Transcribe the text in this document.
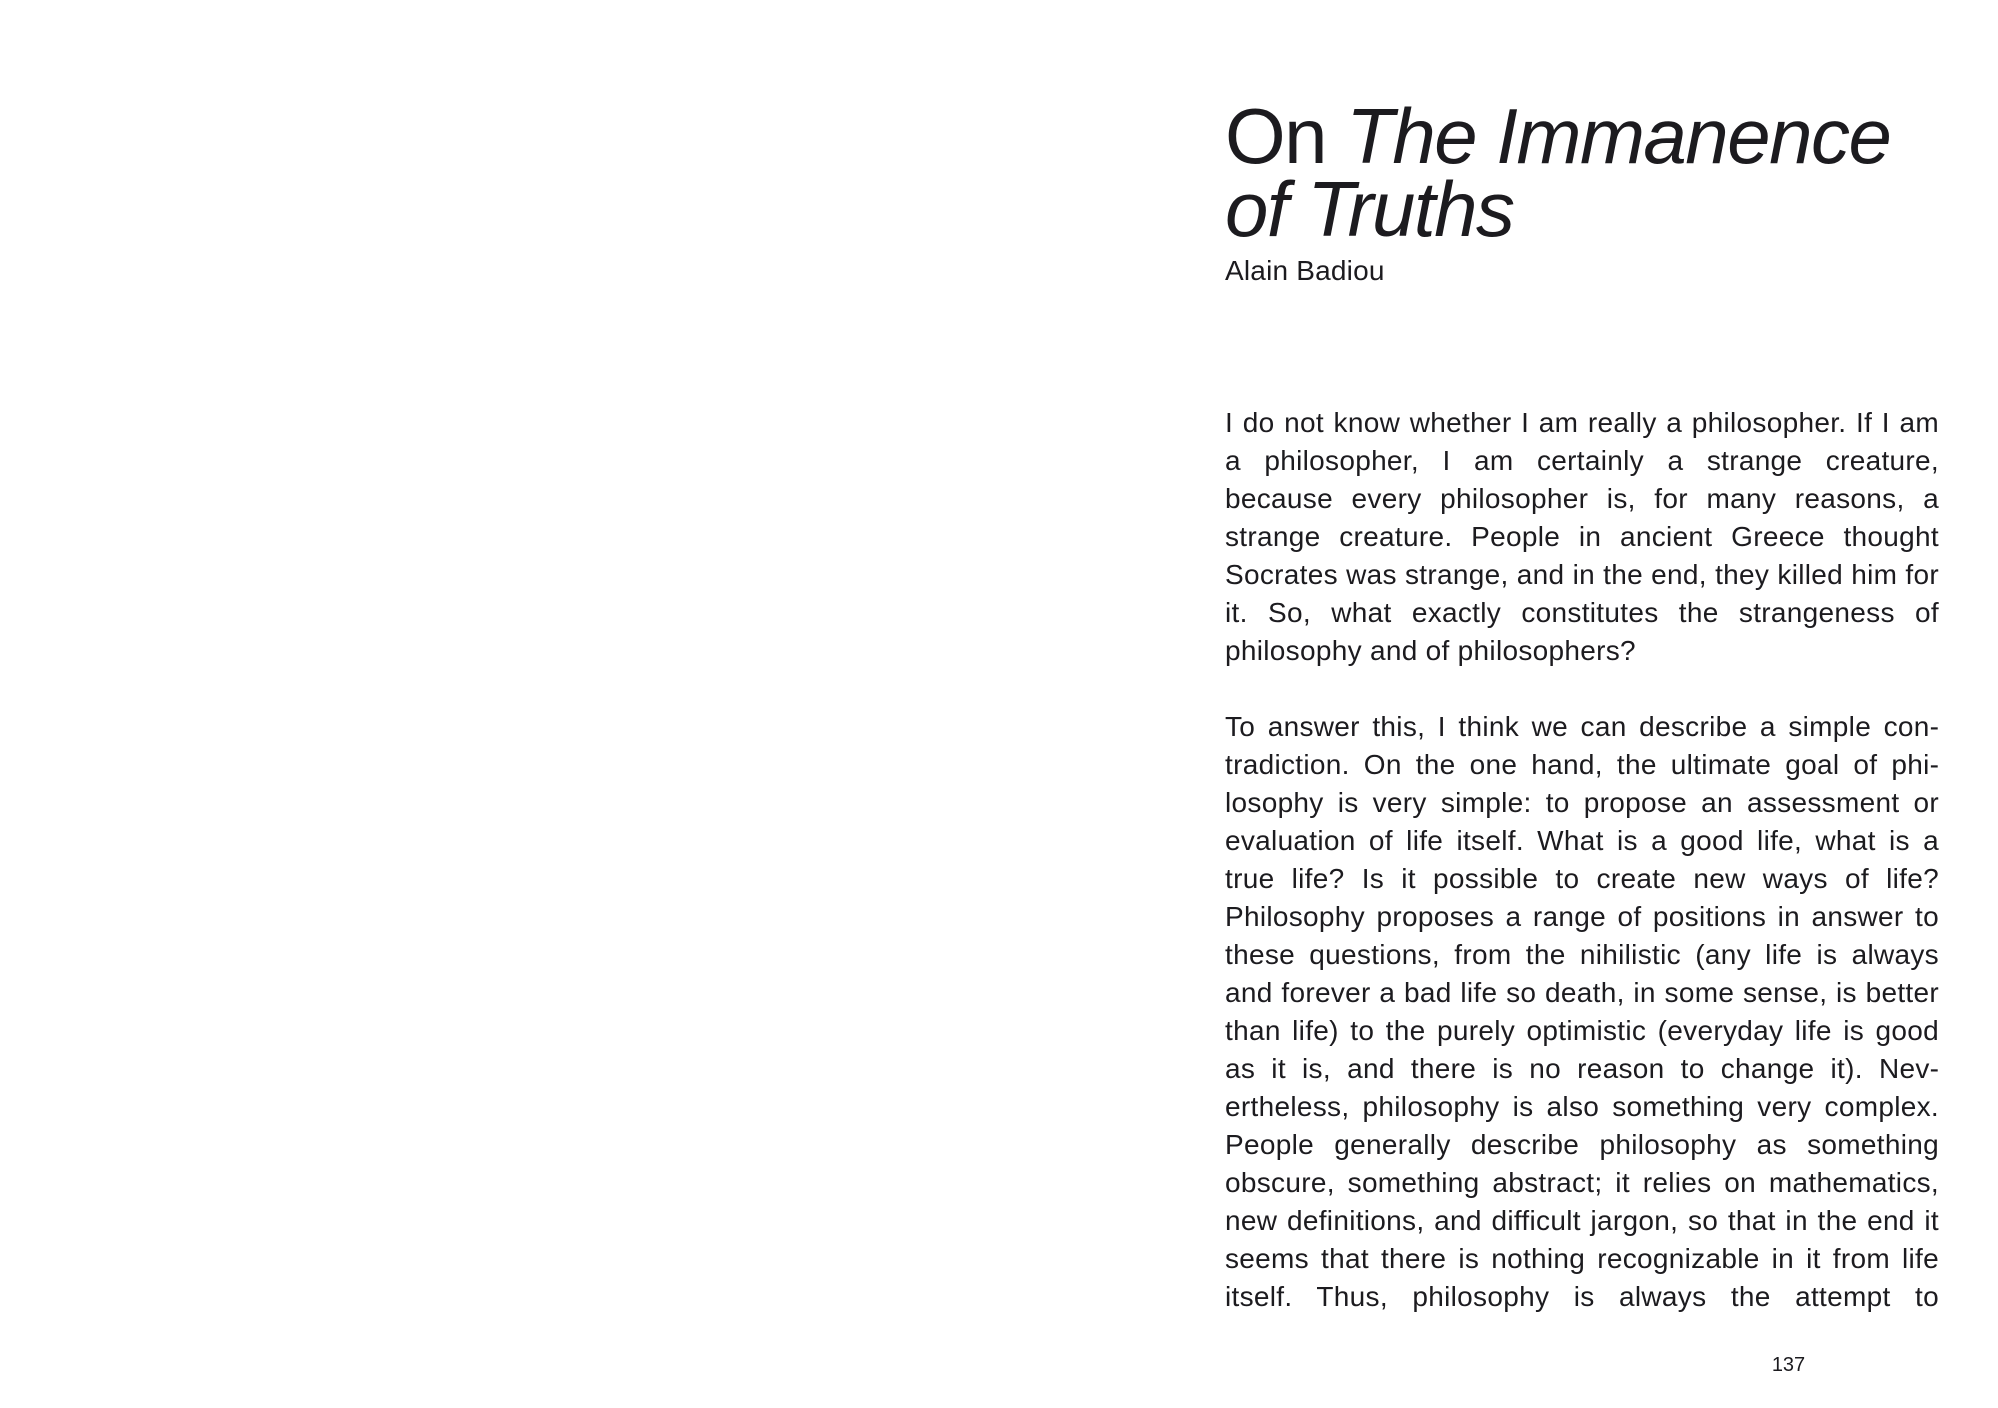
On The Immanence
of Truths

Alain Badiou

I do not know whether I am really a philosopher. If I am a philosopher, I am certainly a strange creature, because every philosopher is, for many reasons, a strange creature. People in ancient Greece thought Socrates was strange, and in the end, they killed him for it. So, what exactly constitutes the strangeness of philosophy and of philosophers?

To answer this, I think we can describe a simple contradiction. On the one hand, the ultimate goal of philosophy is very simple: to propose an assessment or evaluation of life itself. What is a good life, what is a true life? Is it possible to create new ways of life? Philosophy proposes a range of positions in answer to these questions, from the nihilistic (any life is always and forever a bad life so death, in some sense, is better than life) to the purely optimistic (everyday life is good as it is, and there is no reason to change it). Nevertheless, philosophy is also something very complex. People generally describe philosophy as something obscure, something abstract; it relies on mathematics, new definitions, and difficult jargon, so that in the end it seems that there is nothing recognizable in it from life itself. Thus, philosophy is always the attempt to

137
